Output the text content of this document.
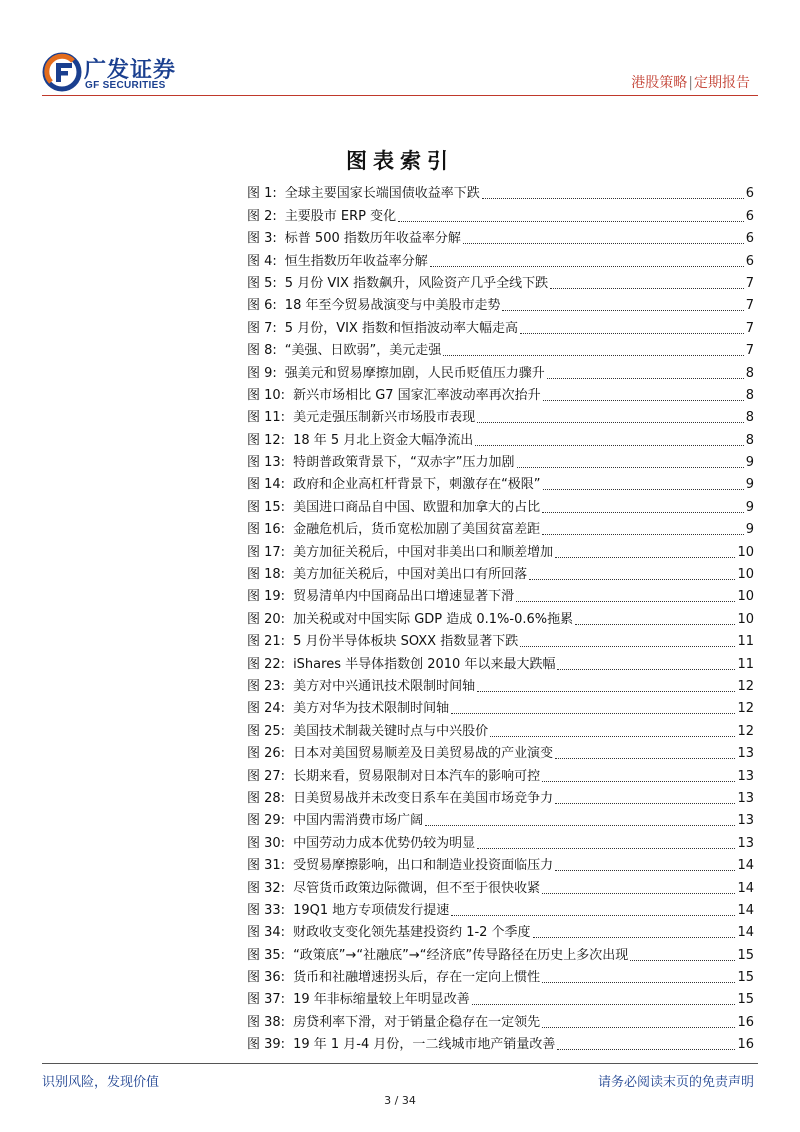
广发证券
GF SECURITIES	港股策略|定期报告
图表索引
图 1: 全球主要国家长端国债收益率下跌	6
图 2: 主要股市 ERP 变化	6
图 3: 标普 500 指数历年收益率分解	6
图 4: 恒生指数历年收益率分解	6
图 5: 5 月份 VIX 指数飙升，风险资产几乎全线下跌	7
图 6: 18 年至今贸易战演变与中美股市走势	7
图 7: 5 月份，VIX 指数和恒指波动率大幅走高	7
图 8: “美强、日欧弱”，美元走强	7
图 9: 强美元和贸易摩擦加剧，人民币贬值压力骤升	8
图 10: 新兴市场相比 G7 国家汇率波动率再次抬升	8
图 11: 美元走强压制新兴市场股市表现	8
图 12: 18 年 5 月北上资金大幅净流出	8
图 13: 特朗普政策背景下，“双赤字”压力加剧	9
图 14: 政府和企业高杠杆背景下，刺激存在“极限”	9
图 15: 美国进口商品自中国、欧盟和加拿大的占比	9
图 16: 金融危机后，货币宽松加剧了美国贫富差距	9
图 17: 美方加征关税后，中国对非美出口和顺差增加	10
图 18: 美方加征关税后，中国对美出口有所回落	10
图 19: 贸易清单内中国商品出口增速显著下滑	10
图 20: 加关税或对中国实际 GDP 造成 0.1%-0.6%拖累	10
图 21: 5 月份半导体板块 SOXX 指数显著下跌	11
图 22: iShares 半导体指数创 2010 年以来最大跌幅	11
图 23: 美方对中兴通讯技术限制时间轴	12
图 24: 美方对华为技术限制时间轴	12
图 25: 美国技术制裁关键时点与中兴股价	12
图 26: 日本对美国贸易顺差及日美贸易战的产业演变	13
图 27: 长期来看，贸易限制对日本汽车的影响可控	13
图 28: 日美贸易战并未改变日系车在美国市场竞争力	13
图 29: 中国内需消费市场广阔	13
图 30: 中国劳动力成本优势仍较为明显	13
图 31: 受贸易摩擦影响，出口和制造业投资面临压力	14
图 32: 尽管货币政策边际微调，但不至于很快收紧	14
图 33: 19Q1 地方专项债发行提速	14
图 34: 财政收支变化领先基建投资约 1-2 个季度	14
图 35: “政策底”→“社融底”→“经济底”传导路径在历史上多次出现	15
图 36: 货币和社融增速拐头后，存在一定向上惯性	15
图 37: 19 年非标缩量较上年明显改善	15
图 38: 房贷利率下滑，对于销量企稳存在一定领先	16
图 39: 19 年 1 月-4 月份，一二线城市地产销量改善	16
识别风险，发现价值	请务必阅读末页的免责声明
3 / 34
